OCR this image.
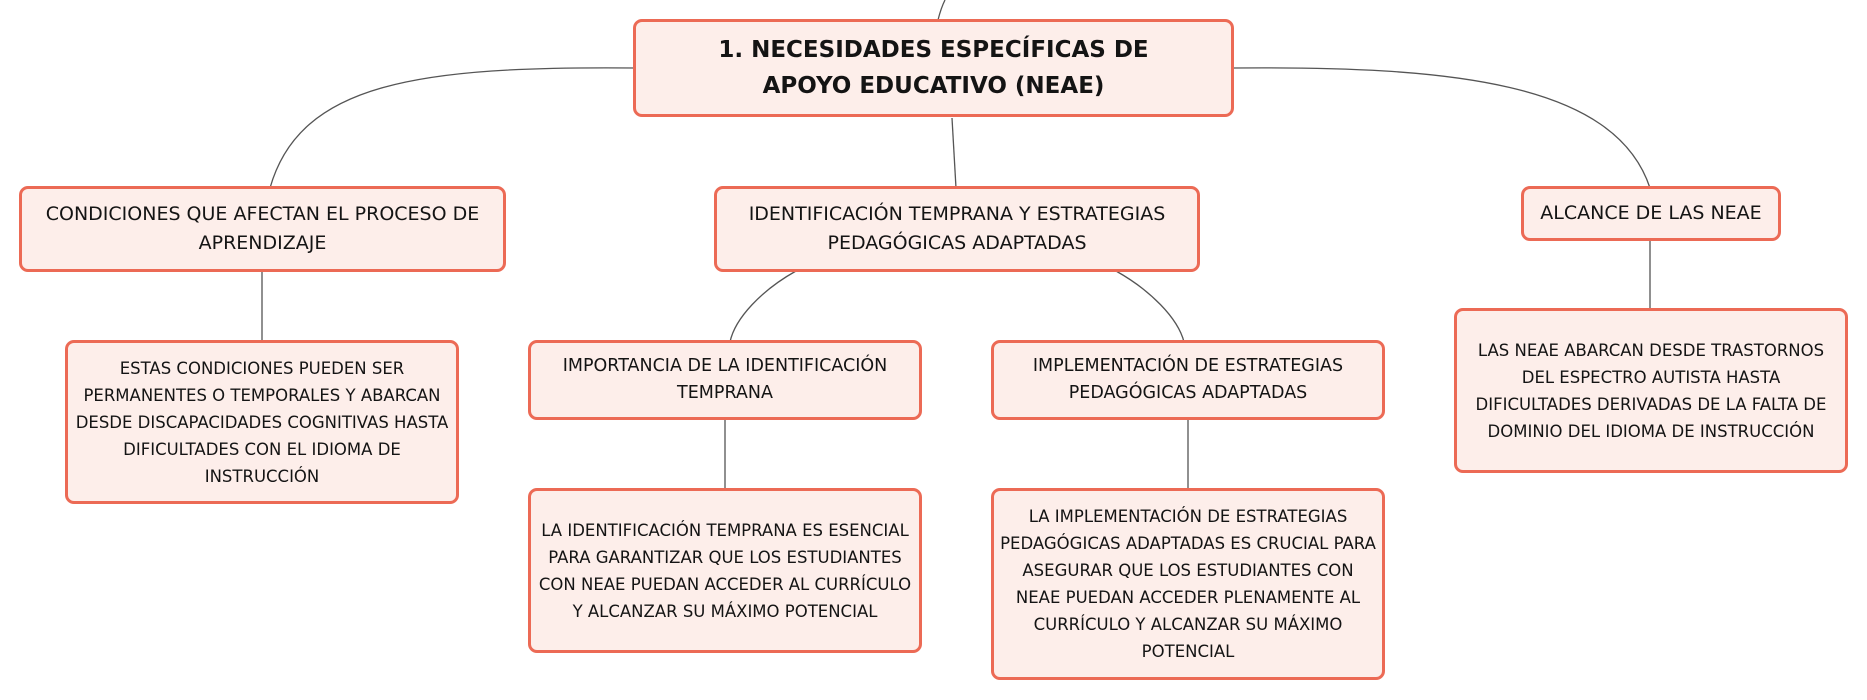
1. NECESIDADES ESPECÍFICAS DE APOYO EDUCATIVO (NEAE)
CONDICIONES QUE AFECTAN EL PROCESO DE APRENDIZAJE
IDENTIFICACIÓN TEMPRANA Y ESTRATEGIAS PEDAGÓGICAS ADAPTADAS
ALCANCE DE LAS NEAE
ESTAS CONDICIONES PUEDEN SER PERMANENTES O TEMPORALES Y ABARCAN DESDE DISCAPACIDADES COGNITIVAS HASTA DIFICULTADES CON EL IDIOMA DE INSTRUCCIÓN
IMPORTANCIA DE LA IDENTIFICACIÓN TEMPRANA
IMPLEMENTACIÓN DE ESTRATEGIAS PEDAGÓGICAS ADAPTADAS
LAS NEAE ABARCAN DESDE TRASTORNOS DEL ESPECTRO AUTISTA HASTA DIFICULTADES DERIVADAS DE LA FALTA DE DOMINIO DEL IDIOMA DE INSTRUCCIÓN
LA IDENTIFICACIÓN TEMPRANA ES ESENCIAL PARA GARANTIZAR QUE LOS ESTUDIANTES CON NEAE PUEDAN ACCEDER AL CURRÍCULO Y ALCANZAR SU MÁXIMO POTENCIAL
LA IMPLEMENTACIÓN DE ESTRATEGIAS PEDAGÓGICAS ADAPTADAS ES CRUCIAL PARA ASEGURAR QUE LOS ESTUDIANTES CON NEAE PUEDAN ACCEDER PLENAMENTE AL CURRÍCULO Y ALCANZAR SU MÁXIMO POTENCIAL
